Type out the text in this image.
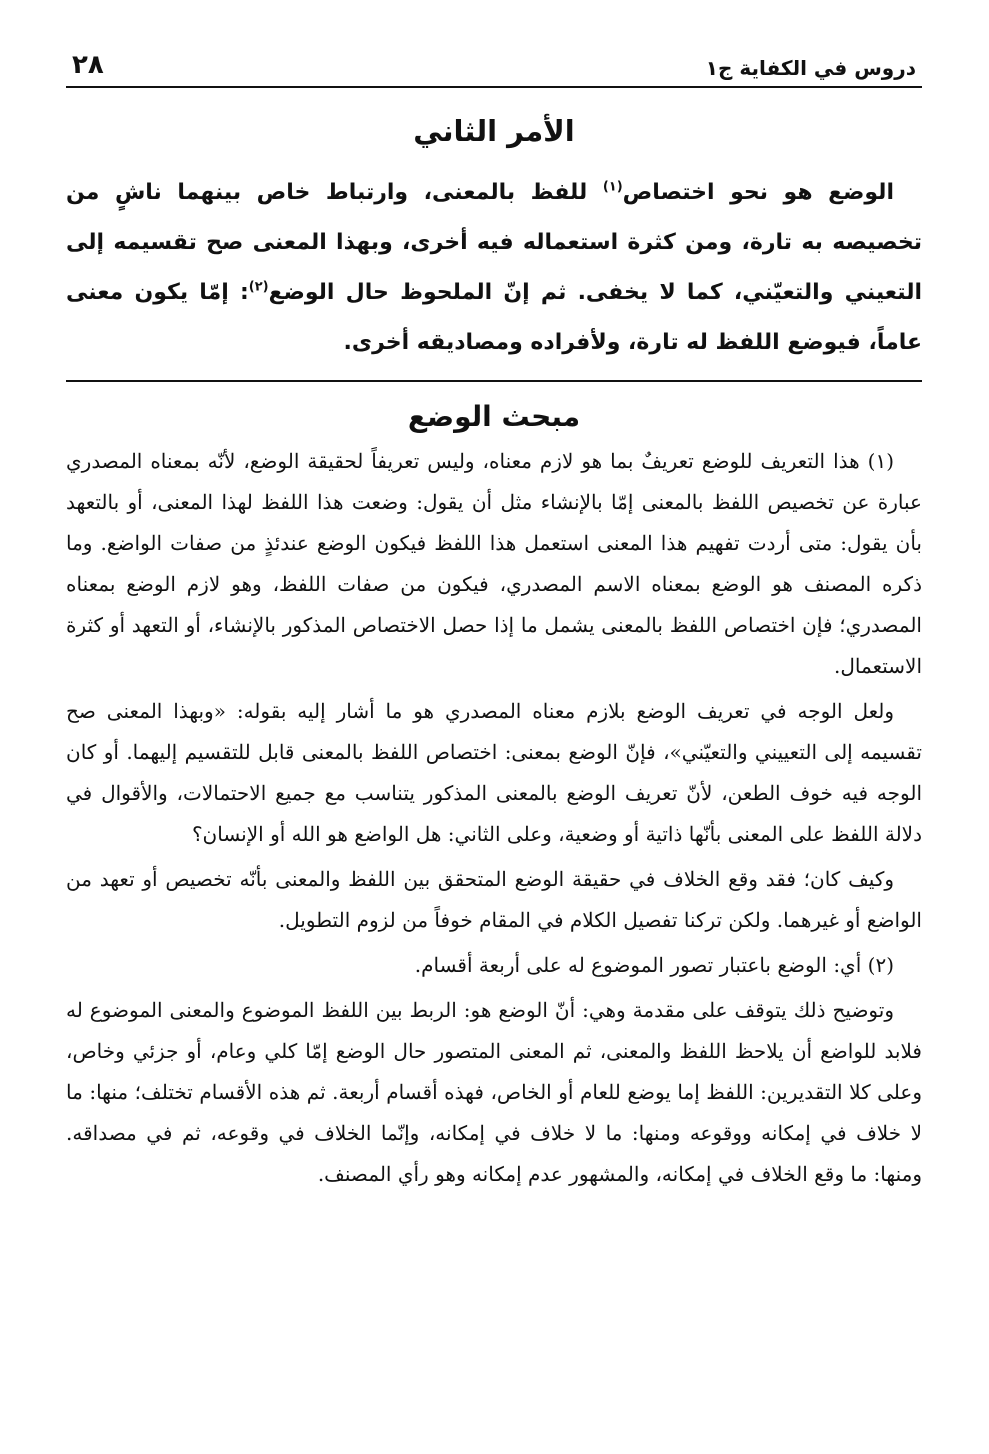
دروس في الكفاية ج١
٢٨
الأمر الثاني

الوضع هو نحو اختصاص$^{(١)}$ للفظ بالمعنى، وارتباط خاص بينهما ناشٍ من تخصيصه به تارة، ومن كثرة استعماله فيه أخرى، وبهذا المعنى صح تقسيمه إلى التعيني والتعيّني، كما لا يخفى. ثم إنّ الملحوظ حال الوضع$^{(٢)}$: إمّا يكون معنى عاماً، فيوضع اللفظ له تارة، ولأفراده ومصاديقه أخرى.

مبحث الوضع

(١) هذا التعريف للوضع تعريفٌ بما هو لازم معناه، وليس تعريفاً لحقيقة الوضع، لأنّه بمعناه المصدري عبارة عن تخصيص اللفظ بالمعنى إمّا بالإنشاء مثل أن يقول: وضعت هذا اللفظ لهذا المعنى، أو بالتعهد بأن يقول: متى أردت تفهيم هذا المعنى استعمل هذا اللفظ فيكون الوضع عندئذٍ من صفات الواضع. وما ذكره المصنف هو الوضع بمعناه الاسم المصدري، فيكون من صفات اللفظ، وهو لازم الوضع بمعناه المصدري؛ فإن اختصاص اللفظ بالمعنى يشمل ما إذا حصل الاختصاص المذكور بالإنشاء، أو التعهد أو كثرة الاستعمال.

ولعل الوجه في تعريف الوضع بلازم معناه المصدري هو ما أشار إليه بقوله: «وبهذا المعنى صح تقسيمه إلى التعييني والتعيّني»، فإنّ الوضع بمعنى: اختصاص اللفظ بالمعنى قابل للتقسيم إليهما. أو كان الوجه فيه خوف الطعن، لأنّ تعريف الوضع بالمعنى المذكور يتناسب مع جميع الاحتمالات، والأقوال في دلالة اللفظ على المعنى بأنّها ذاتية أو وضعية، وعلى الثاني: هل الواضع هو الله أو الإنسان؟

وكيف كان؛ فقد وقع الخلاف في حقيقة الوضع المتحقق بين اللفظ والمعنى بأنّه تخصيص أو تعهد من الواضع أو غيرهما. ولكن تركنا تفصيل الكلام في المقام خوفاً من لزوم التطويل.

(٢) أي: الوضع باعتبار تصور الموضوع له على أربعة أقسام.

وتوضيح ذلك يتوقف على مقدمة وهي: أنّ الوضع هو: الربط بين اللفظ الموضوع والمعنى الموضوع له فلابد للواضع أن يلاحظ اللفظ والمعنى، ثم المعنى المتصور حال الوضع إمّا كلي وعام، أو جزئي وخاص، وعلى كلا التقديرين: اللفظ إما يوضع للعام أو الخاص، فهذه أقسام أربعة. ثم هذه الأقسام تختلف؛ منها: ما لا خلاف في إمكانه ووقوعه ومنها: ما لا خلاف في إمكانه، وإنّما الخلاف في وقوعه، ثم في مصداقه. ومنها: ما وقع الخلاف في إمكانه، والمشهور عدم إمكانه وهو رأي المصنف.
